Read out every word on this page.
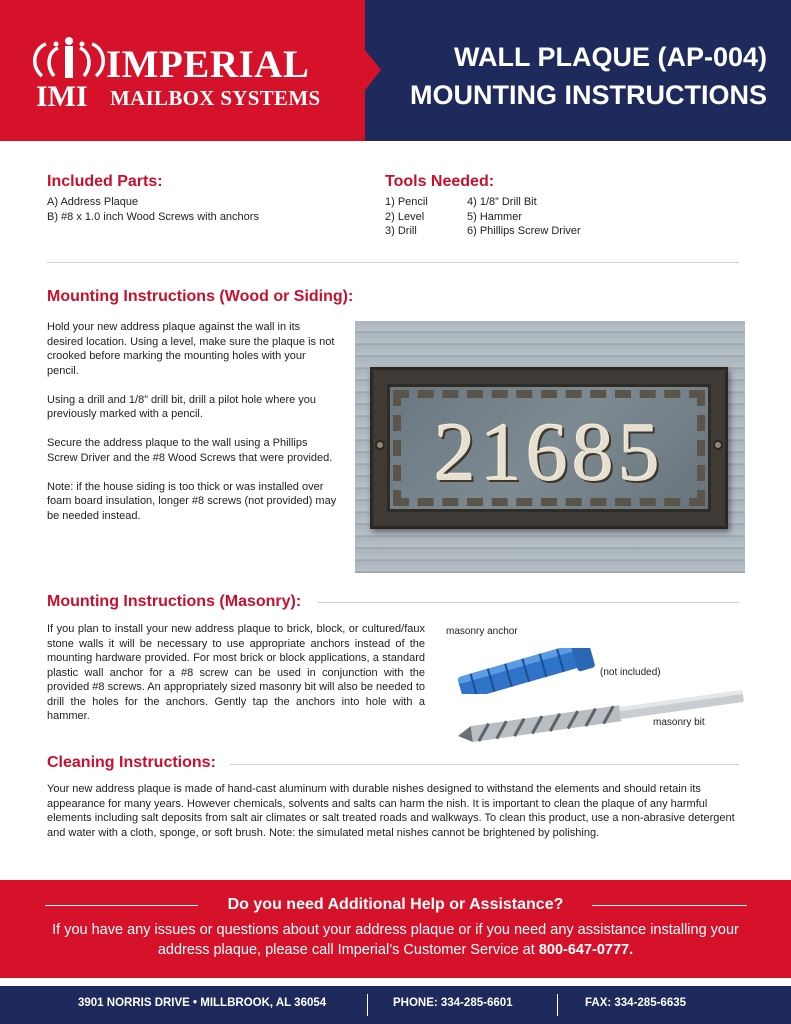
IMPERIAL
IMI MAILBOX SYSTEMS
WALL PLAQUE (AP-004)
MOUNTING INSTRUCTIONS
Included Parts:
A) Address Plaque
B) #8 x 1.0 inch Wood Screws with anchors
Tools Needed:
1) Pencil
2) Level
3) Drill
4) 1/8” Drill Bit
5) Hammer
6) Phillips Screw Driver
Mounting Instructions (Wood or Siding):

Hold your new address plaque against the wall in its desired location. Using a level, make sure the plaque is not crooked before marking the mounting holes with your pencil.

Using a drill and 1/8” drill bit, drill a pilot hole where you previously marked with a pencil.

Secure the address plaque to the wall using a Phillips Screw Driver and the #8 Wood Screws that were provided.

Note: if the house siding is too thick or was installed over foam board insulation, longer #8 screws (not provided) may be needed instead.

21685
Mounting Instructions (Masonry):
If you plan to install your new address plaque to brick, block, or cultured/faux stone walls it will be necessary to use appropriate anchors instead of the mounting hardware provided. For most brick or block applications, a standard plastic wall anchor for a #8 screw can be used in conjunction with the provided #8 screws. An appropriately sized masonry bit will also be needed to drill the holes for the anchors. Gently tap the anchors into hole with a hammer.
masonry anchor
(not included)
masonry bit
Cleaning Instructions:
Your new address plaque is made of hand-cast aluminum with durable nishes designed to withstand the elements and should retain its appearance for many years. However chemicals, solvents and salts can harm the nish. It is important to clean the plaque of any harmful elements including salt deposits from salt air climates or salt treated roads and walkways. To clean this product, use a non-abrasive detergent and water with a cloth, sponge, or soft brush. Note: the simulated metal nishes cannot be brightened by polishing.
Do you need Additional Help or Assistance?
If you have any issues or questions about your address plaque or if you need any assistance installing your address plaque, please call Imperial’s Customer Service at 800-647-0777.
3901 NORRIS DRIVE • MILLBROOK, AL 36054	PHONE: 334-285-6601	FAX: 334-285-6635
